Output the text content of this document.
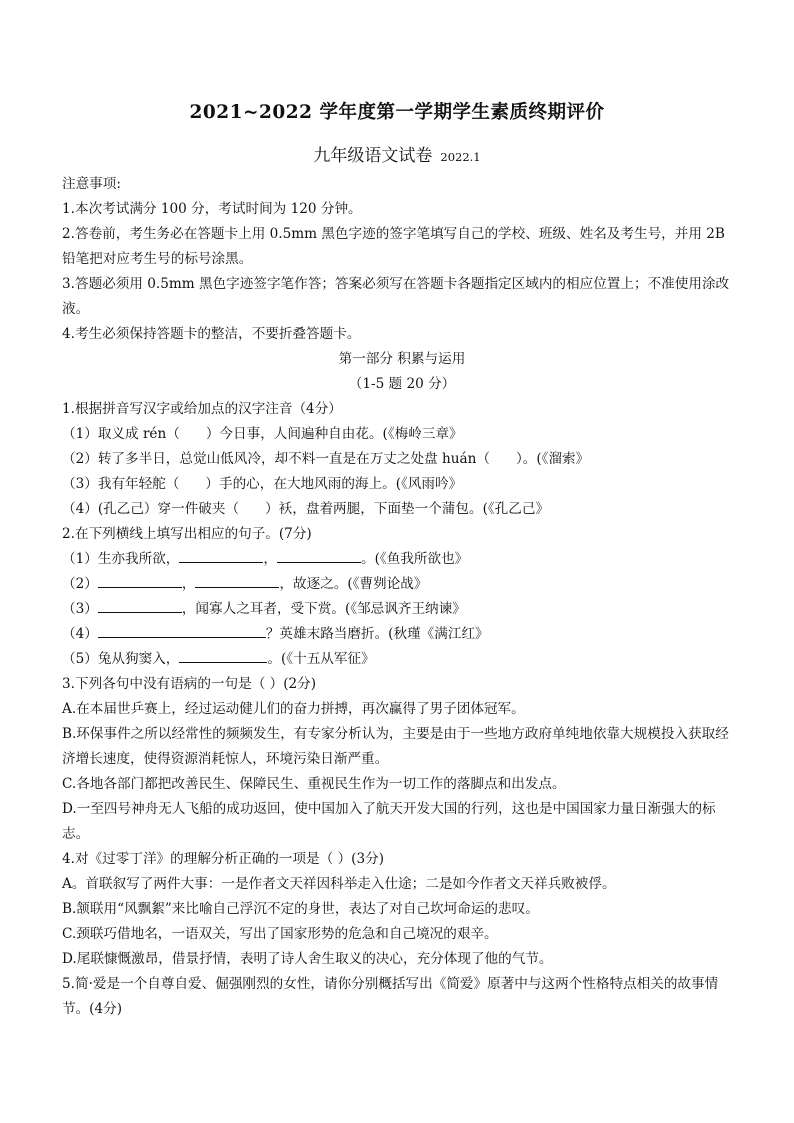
2021~2022 学年度第一学期学生素质终期评价
九年级语文试卷 2022.1

注意事项:

1.本次考试满分 100 分，考试时间为 120 分钟。

2.答卷前，考生务必在答题卡上用 0.5mm 黑色字迹的签字笔填写自己的学校、班级、姓名及考生号，并用 2B 铅笔把对应考生号的标号涂黑。

3.答题必须用 0.5mm 黑色字迹签字笔作答；答案必须写在答题卡各题指定区域内的相应位置上；不准使用涂改液。

4.考生必须保持答题卡的整洁，不要折叠答题卡。

第一部分 积累与运用

（1-5 题 20 分）

1.根据拼音写汉字或给加点的汉字注音（4分）

（1）取义成 rén（ ）今日事，人间遍种自由花。(《梅岭三章》

（2）转了多半日，总觉山低风冷，却不料一直是在万丈之处盘 huán（ ）。(《溜索》

（3）我有年轻舵（ ）手的心，在大地风雨的海上。(《风雨吟》

（4）(孔乙己）穿一件破夹（ ）袄，盘着两腿，下面垫一个蒲包。(《孔乙己》

2.在下列横线上填写出相应的句子。(7分)

（1）生亦我所欲，	，	。(《鱼我所欲也》

（2）	，	，故逐之。(《曹刿论战》

（3）	，闻寡人之耳者，受下赏。(《邹忌讽齐王纳谏》

（4）	？英雄末路当磨折。(秋瑾《满江红》

（5）兔从狗窦入，	。(《十五从军征》

3.下列各句中没有语病的一句是（ ）(2分)

A.在本届世乒赛上，经过运动健儿们的奋力拼搏，再次赢得了男子团体冠军。

B.环保事件之所以经常性的频频发生，有专家分析认为，主要是由于一些地方政府单纯地依靠大规模投入获取经济增长速度，使得资源消耗惊人，环境污染日渐严重。

C.各地各部门都把改善民生、保障民生、重视民生作为一切工作的落脚点和出发点。

D.一至四号神舟无人飞船的成功返回，使中国加入了航天开发大国的行列，这也是中国国家力量日渐强大的标志。

4.对《过零丁洋》的理解分析正确的一项是（ ）(3分)

A。首联叙写了两件大事：一是作者文天祥因科举走入仕途；二是如今作者文天祥兵败被俘。

B.颔联用“风飘絮”来比喻自己浮沉不定的身世，表达了对自己坎坷命运的悲叹。

C.颈联巧借地名，一语双关，写出了国家形势的危急和自己境况的艰辛。

D.尾联慷慨激昂，借景抒情，表明了诗人舍生取义的决心，充分体现了他的气节。

5.简·爱是一个自尊自爱、倔强刚烈的女性，请你分别概括写出《简爱》原著中与这两个性格特点相关的故事情节。(4分)
